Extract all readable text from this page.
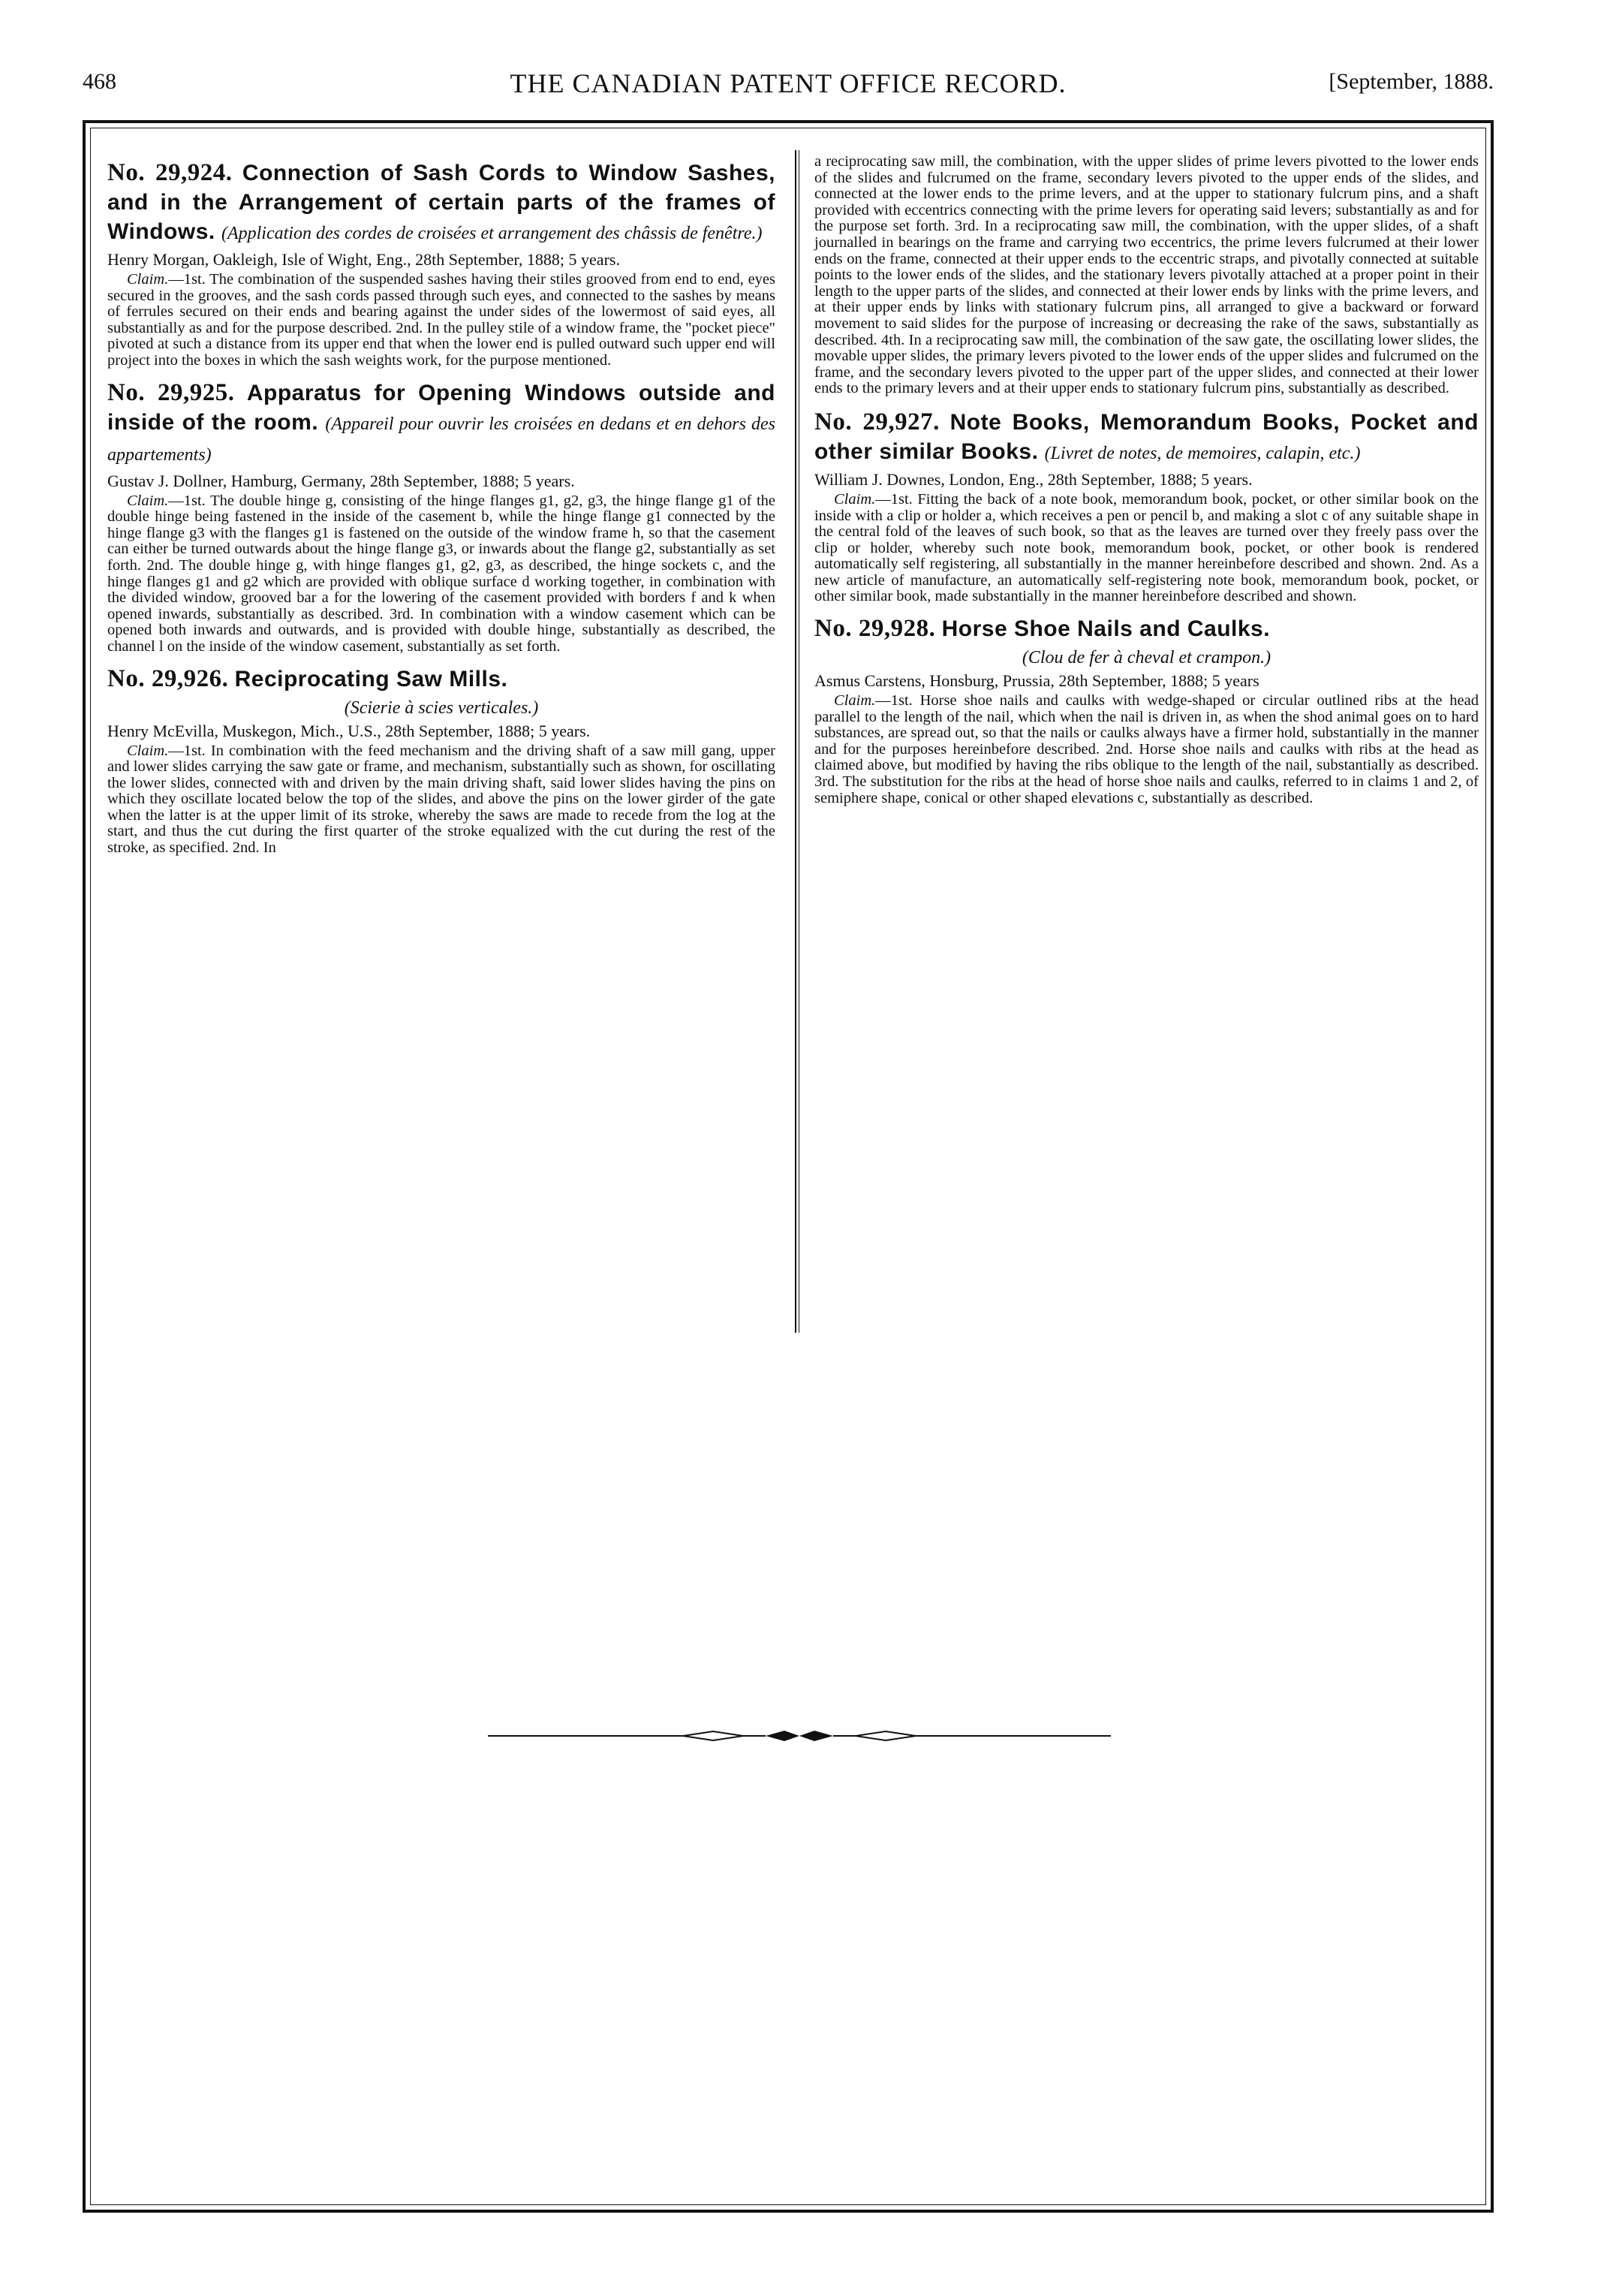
468	THE CANADIAN PATENT OFFICE RECORD.	[September, 1888.
No. 29,924. Connection of Sash Cords to Window Sashes, and in the Arrangement of certain parts of the frames of Windows. (Application des cordes de croisées et arrangement des châssis de fenêtre.)

Henry Morgan, Oakleigh, Isle of Wight, Eng., 28th September, 1888; 5 years.

Claim.—1st. The combination of the suspended sashes having their stiles grooved from end to end, eyes secured in the grooves, and the sash cords passed through such eyes, and connected to the sashes by means of ferrules secured on their ends and bearing against the under sides of the lowermost of said eyes, all substantially as and for the purpose described. 2nd. In the pulley stile of a window frame, the "pocket piece" pivoted at such a distance from its upper end that when the lower end is pulled outward such upper end will project into the boxes in which the sash weights work, for the purpose mentioned.

No. 29,925. Apparatus for Opening Windows outside and inside of the room. (Appareil pour ouvrir les croisées en dedans et en dehors des appartements)

Gustav J. Dollner, Hamburg, Germany, 28th September, 1888; 5 years.

Claim.—1st. The double hinge g, consisting of the hinge flanges g1, g2, g3, the hinge flange g1 of the double hinge being fastened in the inside of the casement b, while the hinge flange g1 connected by the hinge flange g3 with the flanges g1 is fastened on the outside of the window frame h, so that the casement can either be turned outwards about the hinge flange g3, or inwards about the flange g2, substantially as set forth. 2nd. The double hinge g, with hinge flanges g1, g2, g3, as described, the hinge sockets c, and the hinge flanges g1 and g2 which are provided with oblique surface d working together, in combination with the divided window, grooved bar a for the lowering of the casement provided with borders f and k when opened inwards, substantially as described. 3rd. In combination with a window casement which can be opened both inwards and outwards, and is provided with double hinge, substantially as described, the channel l on the inside of the window casement, substantially as set forth.

No. 29,926. Reciprocating Saw Mills.
(Scierie à scies verticales.)

Henry McEvilla, Muskegon, Mich., U.S., 28th September, 1888; 5 years.

Claim.—1st. In combination with the feed mechanism and the driving shaft of a saw mill gang, upper and lower slides carrying the saw gate or frame, and mechanism, substantially such as shown, for oscillating the lower slides, connected with and driven by the main driving shaft, said lower slides having the pins on which they oscillate located below the top of the slides, and above the pins on the lower girder of the gate when the latter is at the upper limit of its stroke, whereby the saws are made to recede from the log at the start, and thus the cut during the first quarter of the stroke equalized with the cut during the rest of the stroke, as specified. 2nd. In

a reciprocating saw mill, the combination, with the upper slides of prime levers pivotted to the lower ends of the slides and fulcrumed on the frame, secondary levers pivoted to the upper ends of the slides, and connected at the lower ends to the prime levers, and at the upper to stationary fulcrum pins, and a shaft provided with eccentrics connecting with the prime levers for operating said levers; substantially as and for the purpose set forth. 3rd. In a reciprocating saw mill, the combination, with the upper slides, of a shaft journalled in bearings on the frame and carrying two eccentrics, the prime levers fulcrumed at their lower ends on the frame, connected at their upper ends to the eccentric straps, and pivotally connected at suitable points to the lower ends of the slides, and the stationary levers pivotally attached at a proper point in their length to the upper parts of the slides, and connected at their lower ends by links with the prime levers, and at their upper ends by links with stationary fulcrum pins, all arranged to give a backward or forward movement to said slides for the purpose of increasing or decreasing the rake of the saws, substantially as described. 4th. In a reciprocating saw mill, the combination of the saw gate, the oscillating lower slides, the movable upper slides, the primary levers pivoted to the lower ends of the upper slides and fulcrumed on the frame, and the secondary levers pivoted to the upper part of the upper slides, and connected at their lower ends to the primary levers and at their upper ends to stationary fulcrum pins, substantially as described.

No. 29,927. Note Books, Memorandum Books, Pocket and other similar Books. (Livret de notes, de memoires, calapin, etc.)

William J. Downes, London, Eng., 28th September, 1888; 5 years.

Claim.—1st. Fitting the back of a note book, memorandum book, pocket, or other similar book on the inside with a clip or holder a, which receives a pen or pencil b, and making a slot c of any suitable shape in the central fold of the leaves of such book, so that as the leaves are turned over they freely pass over the clip or holder, whereby such note book, memorandum book, pocket, or other book is rendered automatically self registering, all substantially in the manner hereinbefore described and shown. 2nd. As a new article of manufacture, an automatically self-registering note book, memorandum book, pocket, or other similar book, made substantially in the manner hereinbefore described and shown.

No. 29,928. Horse Shoe Nails and Caulks.
(Clou de fer à cheval et crampon.)

Asmus Carstens, Honsburg, Prussia, 28th September, 1888; 5 years

Claim.—1st. Horse shoe nails and caulks with wedge-shaped or circular outlined ribs at the head parallel to the length of the nail, which when the nail is driven in, as when the shod animal goes on to hard substances, are spread out, so that the nails or caulks always have a firmer hold, substantially in the manner and for the purposes hereinbefore described. 2nd. Horse shoe nails and caulks with ribs at the head as claimed above, but modified by having the ribs oblique to the length of the nail, substantially as described. 3rd. The substitution for the ribs at the head of horse shoe nails and caulks, referred to in claims 1 and 2, of semiphere shape, conical or other shaped elevations c, substantially as described.
